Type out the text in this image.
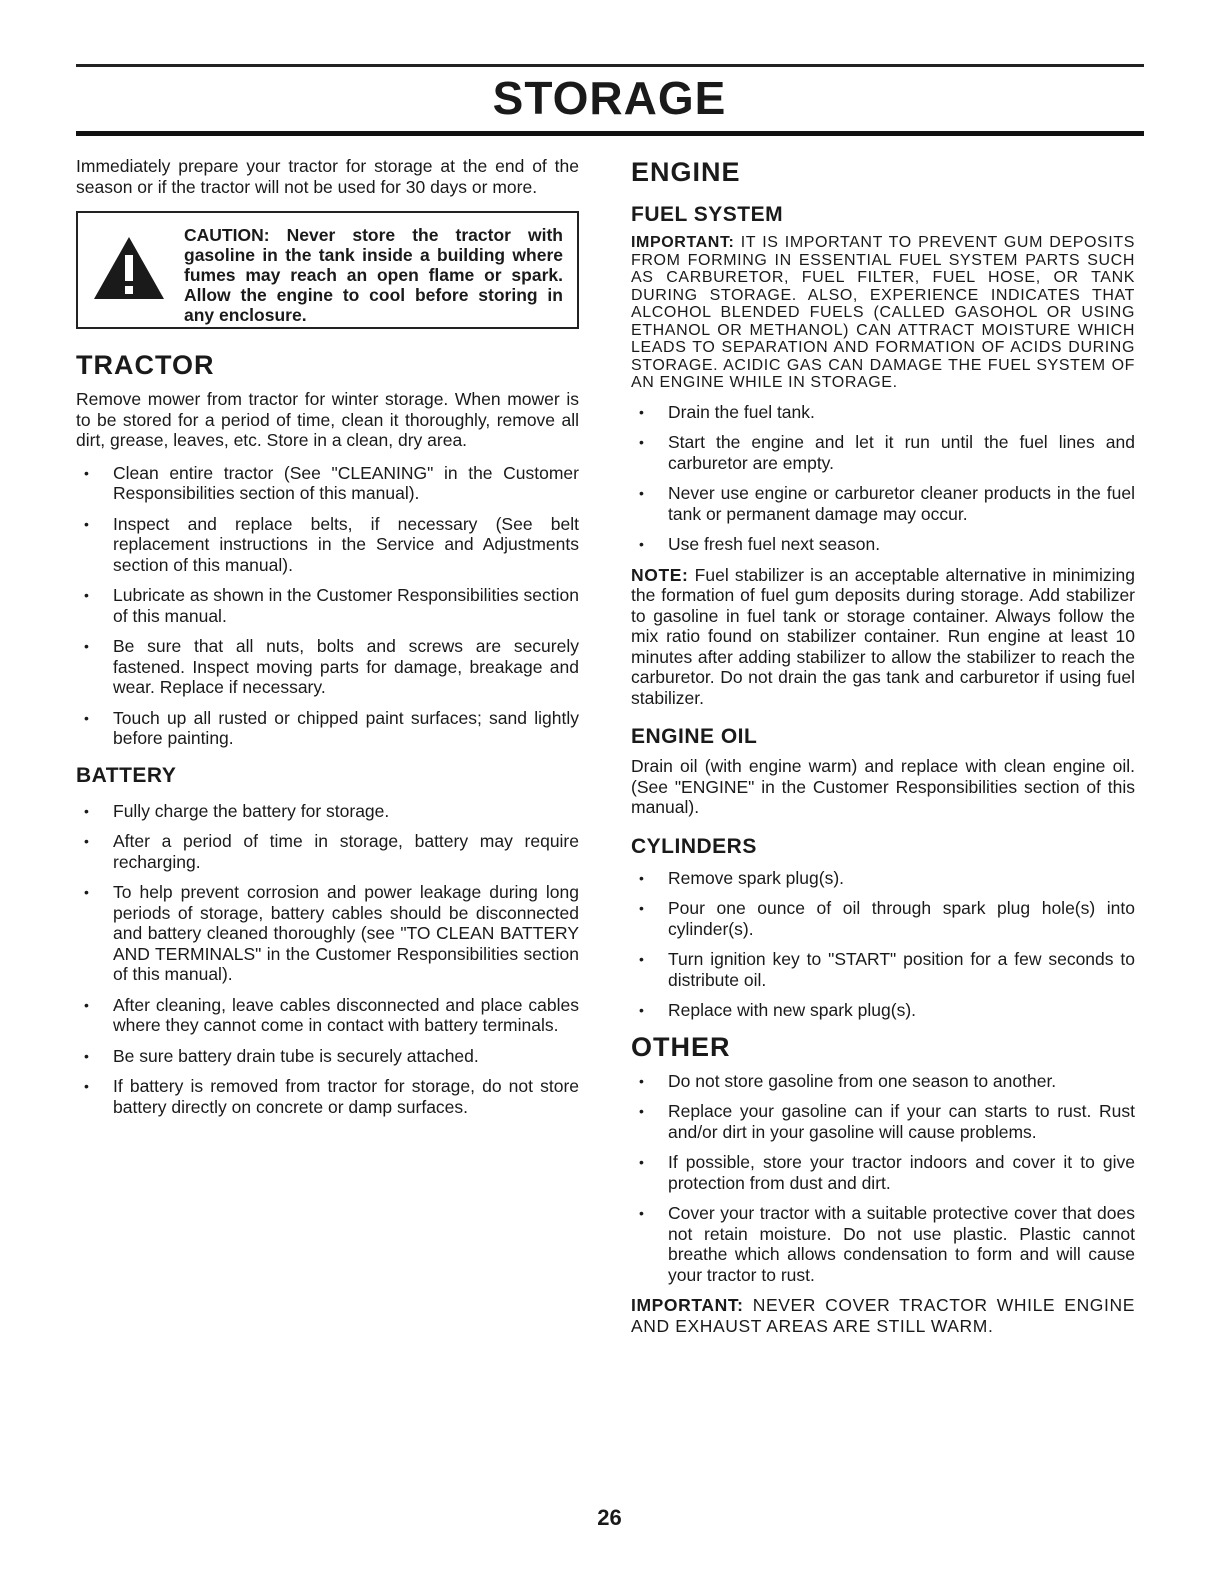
STORAGE

Immediately prepare your tractor for storage at the end of the season or if the tractor will not be used for 30 days or more.

CAUTION: Never store the tractor with gasoline in the tank inside a building where fumes may reach an open flame or spark. Allow the engine to cool before storing in any enclosure.
TRACTOR

Remove mower from tractor for winter storage. When mower is to be stored for a period of time, clean it thoroughly, remove all dirt, grease, leaves, etc. Store in a clean, dry area.

• Clean entire tractor (See "CLEANING" in the Customer Responsibilities section of this manual).
• Inspect and replace belts, if necessary (See belt replacement instructions in the Service and Adjustments section of this manual).
• Lubricate as shown in the Customer Responsibilities section of this manual.
• Be sure that all nuts, bolts and screws are securely fastened. Inspect moving parts for damage, breakage and wear. Replace if necessary.
• Touch up all rusted or chipped paint surfaces; sand lightly before painting.
BATTERY
• Fully charge the battery for storage.
• After a period of time in storage, battery may require recharging.
• To help prevent corrosion and power leakage during long periods of storage, battery cables should be disconnected and battery cleaned thoroughly (see "TO CLEAN BATTERY AND TERMINALS" in the Customer Responsibilities section of this manual).
• After cleaning, leave cables disconnected and place cables where they cannot come in contact with battery terminals.
• Be sure battery drain tube is securely attached.
• If battery is removed from tractor for storage, do not store battery directly on concrete or damp surfaces.
ENGINE
FUEL SYSTEM

IMPORTANT: IT IS IMPORTANT TO PREVENT GUM DEPOSITS FROM FORMING IN ESSENTIAL FUEL SYSTEM PARTS SUCH AS CARBURETOR, FUEL FILTER, FUEL HOSE, OR TANK DURING STORAGE. ALSO, EXPERIENCE INDICATES THAT ALCOHOL BLENDED FUELS (CALLED GASOHOL OR USING ETHANOL OR METHANOL) CAN ATTRACT MOISTURE WHICH LEADS TO SEPARATION AND FORMATION OF ACIDS DURING STORAGE. ACIDIC GAS CAN DAMAGE THE FUEL SYSTEM OF AN ENGINE WHILE IN STORAGE.

• Drain the fuel tank.
• Start the engine and let it run until the fuel lines and carburetor are empty.
• Never use engine or carburetor cleaner products in the fuel tank or permanent damage may occur.
• Use fresh fuel next season.

NOTE: Fuel stabilizer is an acceptable alternative in minimizing the formation of fuel gum deposits during storage. Add stabilizer to gasoline in fuel tank or storage container. Always follow the mix ratio found on stabilizer container. Run engine at least 10 minutes after adding stabilizer to allow the stabilizer to reach the carburetor. Do not drain the gas tank and carburetor if using fuel stabilizer.

ENGINE OIL

Drain oil (with engine warm) and replace with clean engine oil. (See "ENGINE" in the Customer Responsibilities section of this manual).

CYLINDERS
• Remove spark plug(s).
• Pour one ounce of oil through spark plug hole(s) into cylinder(s).
• Turn ignition key to "START" position for a few seconds to distribute oil.
• Replace with new spark plug(s).
OTHER
• Do not store gasoline from one season to another.
• Replace your gasoline can if your can starts to rust. Rust and/or dirt in your gasoline will cause problems.
• If possible, store your tractor indoors and cover it to give protection from dust and dirt.
• Cover your tractor with a suitable protective cover that does not retain moisture. Do not use plastic. Plastic cannot breathe which allows condensation to form and will cause your tractor to rust.

IMPORTANT: NEVER COVER TRACTOR WHILE ENGINE AND EXHAUST AREAS ARE STILL WARM.

26
